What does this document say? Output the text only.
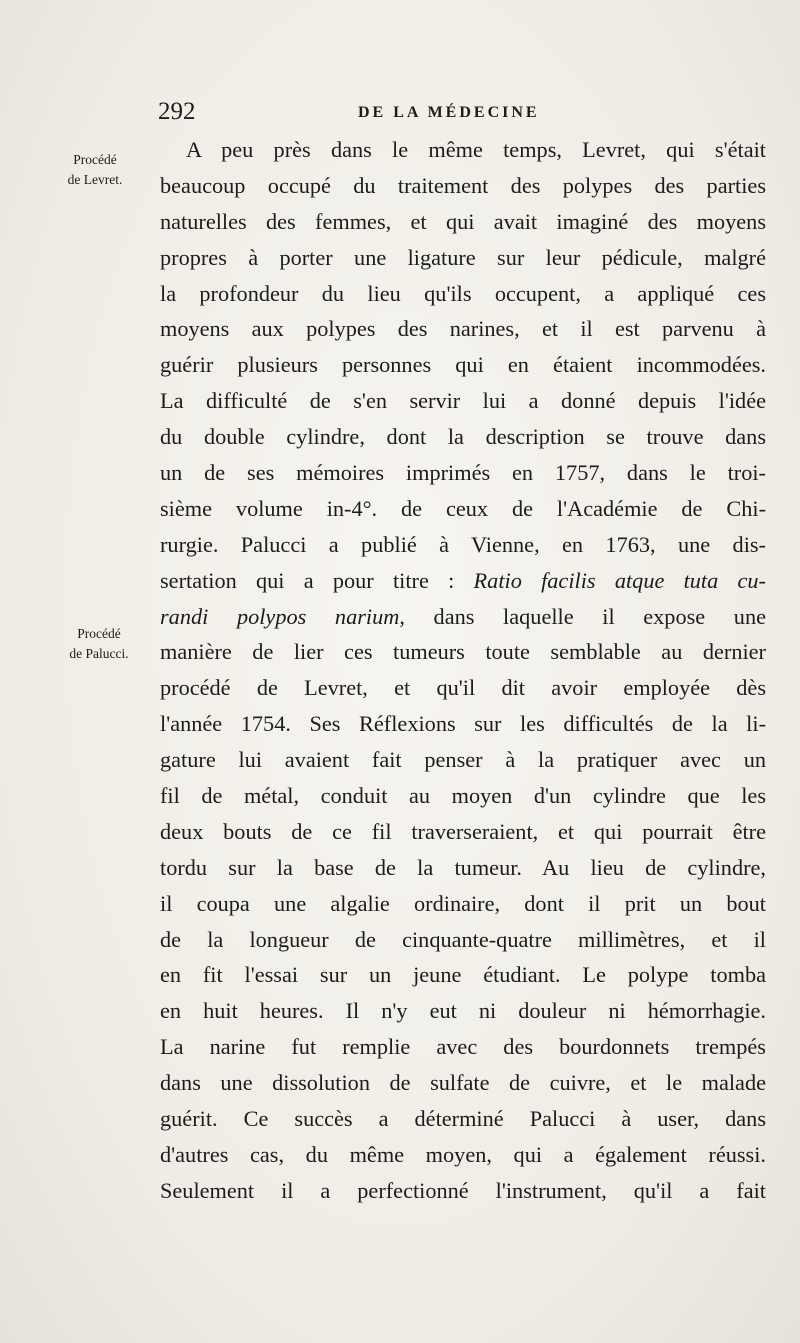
292	DE LA MÉDECINE
Procédé
de Levret.
Procédé
de Palucci.
A peu près dans le même temps, Levret, qui s'était
beaucoup occupé du traitement des polypes des parties
naturelles des femmes, et qui avait imaginé des moyens
propres à porter une ligature sur leur pédicule, malgré
la profondeur du lieu qu'ils occupent, a appliqué ces
moyens aux polypes des narines, et il est parvenu à
guérir plusieurs personnes qui en étaient incommodées.
La difficulté de s'en servir lui a donné depuis l'idée
du double cylindre, dont la description se trouve dans
un de ses mémoires imprimés en 1757, dans le troi-
sième volume in-4°. de ceux de l'Académie de Chi-
rurgie. Palucci a publié à Vienne, en 1763, une dis-
sertation qui a pour titre : Ratio facilis atque tuta cu-
randi polypos narium, dans laquelle il expose une
manière de lier ces tumeurs toute semblable au dernier
procédé de Levret, et qu'il dit avoir employée dès
l'année 1754. Ses Réflexions sur les difficultés de la li-
gature lui avaient fait penser à la pratiquer avec un
fil de métal, conduit au moyen d'un cylindre que les
deux bouts de ce fil traverseraient, et qui pourrait être
tordu sur la base de la tumeur. Au lieu de cylindre,
il coupa une algalie ordinaire, dont il prit un bout
de la longueur de cinquante-quatre millimètres, et il
en fit l'essai sur un jeune étudiant. Le polype tomba
en huit heures. Il n'y eut ni douleur ni hémorrhagie.
La narine fut remplie avec des bourdonnets trempés
dans une dissolution de sulfate de cuivre, et le malade
guérit. Ce succès a déterminé Palucci à user, dans
d'autres cas, du même moyen, qui a également réussi.
Seulement il a perfectionné l'instrument, qu'il a fait
